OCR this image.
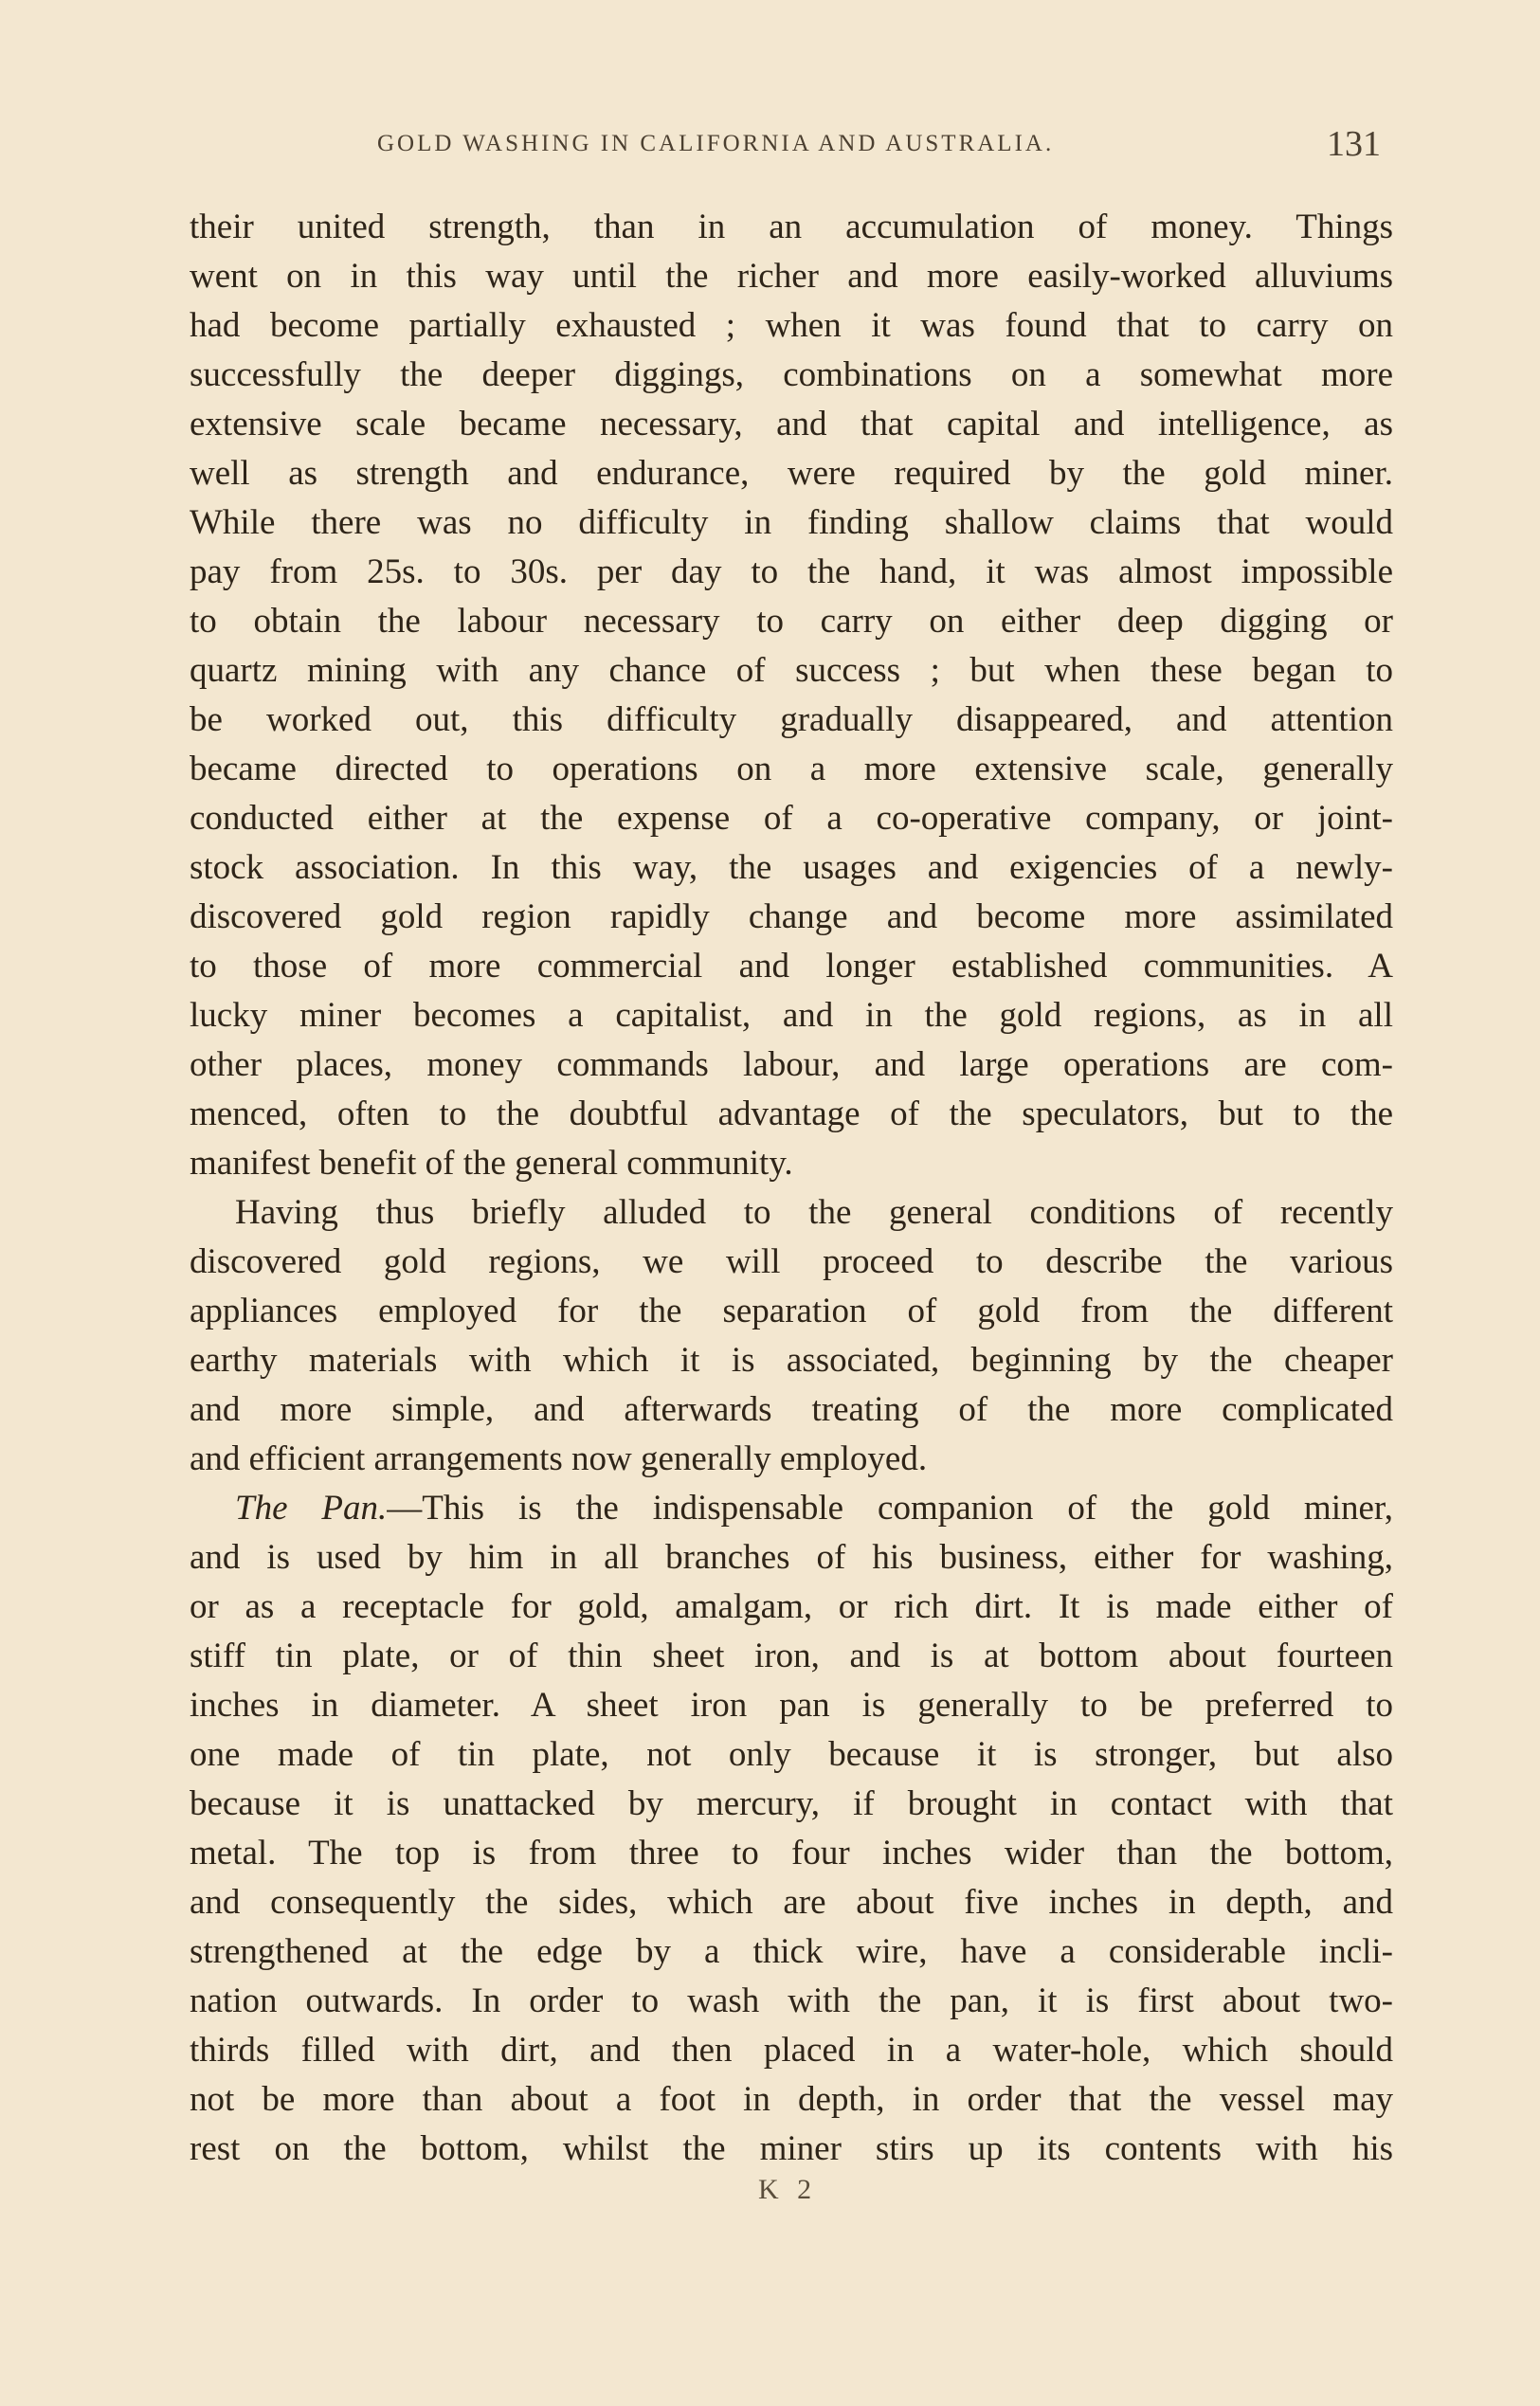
GOLD WASHING IN CALIFORNIA AND AUSTRALIA.	131
their united strength, than in an accumulation of money. Things
went on in this way until the richer and more easily-worked alluviums
had become partially exhausted ; when it was found that to carry on
successfully the deeper diggings, combinations on a somewhat more
extensive scale became necessary, and that capital and intelligence, as
well as strength and endurance, were required by the gold miner.
While there was no difficulty in finding shallow claims that would
pay from 25s. to 30s. per day to the hand, it was almost impossible
to obtain the labour necessary to carry on either deep digging or
quartz mining with any chance of success ; but when these began to
be worked out, this difficulty gradually disappeared, and attention
became directed to operations on a more extensive scale, generally
conducted either at the expense of a co-operative company, or joint-
stock association. In this way, the usages and exigencies of a newly-
discovered gold region rapidly change and become more assimilated
to those of more commercial and longer established communities. A
lucky miner becomes a capitalist, and in the gold regions, as in all
other places, money commands labour, and large operations are com-
menced, often to the doubtful advantage of the speculators, but to the
manifest benefit of the general community.
Having thus briefly alluded to the general conditions of recently
discovered gold regions, we will proceed to describe the various
appliances employed for the separation of gold from the different
earthy materials with which it is associated, beginning by the cheaper
and more simple, and afterwards treating of the more complicated
and efficient arrangements now generally employed.
The Pan.—This is the indispensable companion of the gold miner,
and is used by him in all branches of his business, either for washing,
or as a receptacle for gold, amalgam, or rich dirt. It is made either of
stiff tin plate, or of thin sheet iron, and is at bottom about fourteen
inches in diameter. A sheet iron pan is generally to be preferred to
one made of tin plate, not only because it is stronger, but also
because it is unattacked by mercury, if brought in contact with that
metal. The top is from three to four inches wider than the bottom,
and consequently the sides, which are about five inches in depth, and
strengthened at the edge by a thick wire, have a considerable incli-
nation outwards. In order to wash with the pan, it is first about two-
thirds filled with dirt, and then placed in a water-hole, which should
not be more than about a foot in depth, in order that the vessel may
rest on the bottom, whilst the miner stirs up its contents with his
K 2
